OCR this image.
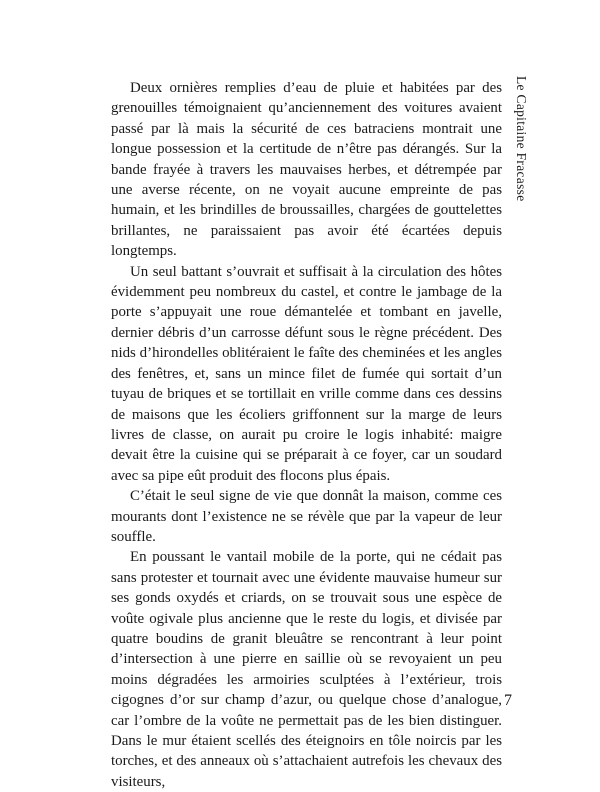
Deux ornières remplies d’eau de pluie et habitées par des grenouilles témoignaient qu’anciennement des voitures avaient passé par là mais la sécurité de ces batraciens montrait une longue possession et la certitude de n’être pas dérangés. Sur la bande frayée à travers les mauvaises herbes, et détrempée par une averse récente, on ne voyait aucune empreinte de pas humain, et les brindilles de broussailles, chargées de gouttelettes brillantes, ne paraissaient pas avoir été écartées depuis longtemps.

Un seul battant s’ouvrait et suffisait à la circulation des hôtes évidemment peu nombreux du castel, et contre le jambage de la porte s’appuyait une roue démantelée et tombant en javelle, dernier débris d’un carrosse défunt sous le règne précédent. Des nids d’hirondelles oblitéraient le faîte des cheminées et les angles des fenêtres, et, sans un mince filet de fumée qui sortait d’un tuyau de briques et se tortillait en vrille comme dans ces dessins de maisons que les écoliers griffonnent sur la marge de leurs livres de classe, on aurait pu croire le logis inhabité: maigre devait être la cuisine qui se préparait à ce foyer, car un soudard avec sa pipe eût produit des flocons plus épais.

C’était le seul signe de vie que donnât la maison, comme ces mourants dont l’existence ne se révèle que par la vapeur de leur souffle.

En poussant le vantail mobile de la porte, qui ne cédait pas sans protester et tournait avec une évidente mauvaise humeur sur ses gonds oxydés et criards, on se trouvait sous une espèce de voûte ogivale plus ancienne que le reste du logis, et divisée par quatre boudins de granit bleuâtre se rencontrant à leur point d’intersection à une pierre en saillie où se revoyaient un peu moins dégradées les armoiries sculptées à l’extérieur, trois cigognes d’or sur champ d’azur, ou quelque chose d’analogue, car l’ombre de la voûte ne permettait pas de les bien distinguer. Dans le mur étaient scellés des éteignoirs en tôle noircis par les torches, et des anneaux où s’attachaient autrefois les chevaux des visiteurs,

Le Capitaine Fracasse
7
